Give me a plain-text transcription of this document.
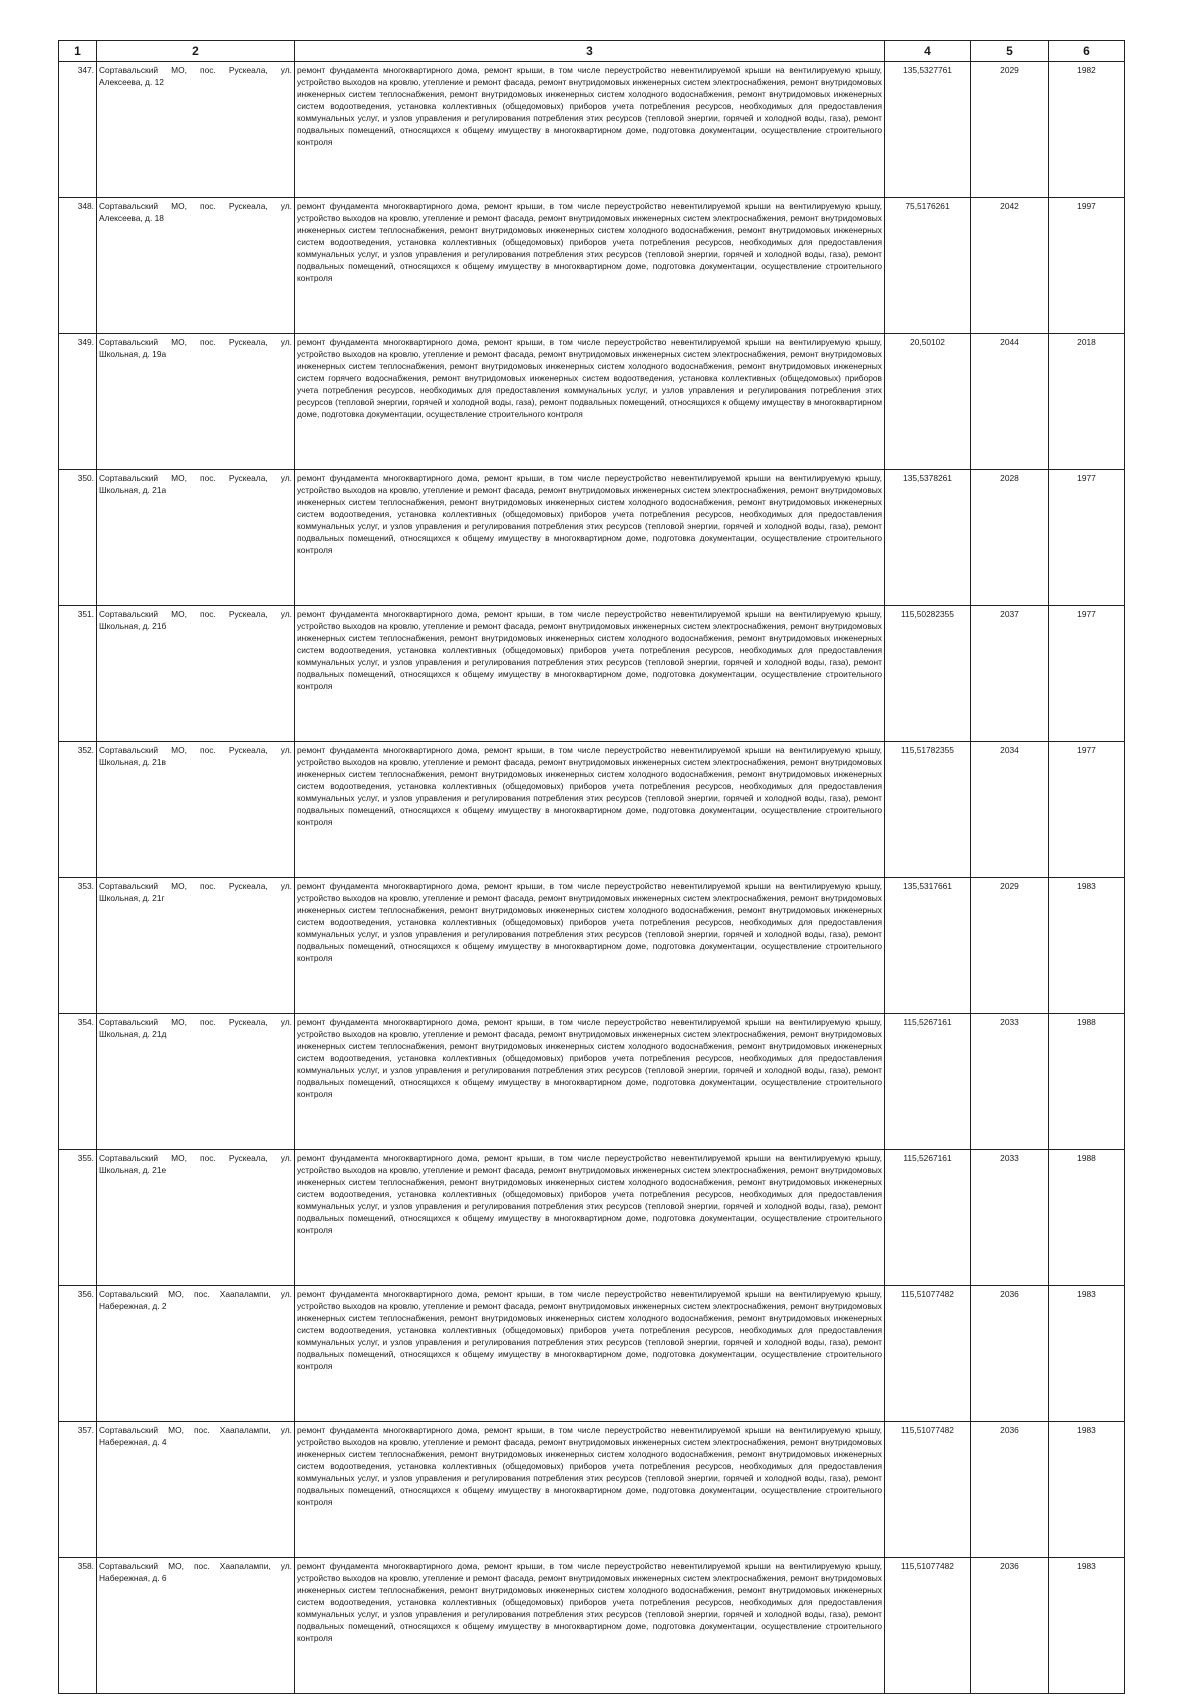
1	2	3	4	5	6
347.	Сортавальский МО, пос. Рускеала, ул. Алексеева, д. 12	ремонт фундамента многоквартирного дома, ремонт крыши, в том числе переустройство невентилируемой крыши на вентилируемую крышу, устройство выходов на кровлю, утепление и ремонт фасада, ремонт внутридомовых инженерных систем электроснабжения, ремонт внутридомовых инженерных систем теплоснабжения, ремонт внутридомовых инженерных систем холодного водоснабжения, ремонт внутридомовых инженерных систем водоотведения, установка коллективных (общедомовых) приборов учета потребления ресурсов, необходимых для предоставления коммунальных услуг, и узлов управления и регулирования потребления этих ресурсов (тепловой энергии, горячей и холодной воды, газа), ремонт подвальных помещений, относящихся к общему имуществу в многоквартирном доме, подготовка документации, осуществление строительного контроля	135,5327761	2029	1982
348.	Сортавальский МО, пос. Рускеала, ул. Алексеева, д. 18	ремонт фундамента многоквартирного дома, ремонт крыши, в том числе переустройство невентилируемой крыши на вентилируемую крышу, устройство выходов на кровлю, утепление и ремонт фасада, ремонт внутридомовых инженерных систем электроснабжения, ремонт внутридомовых инженерных систем теплоснабжения, ремонт внутридомовых инженерных систем холодного водоснабжения, ремонт внутридомовых инженерных систем водоотведения, установка коллективных (общедомовых) приборов учета потребления ресурсов, необходимых для предоставления коммунальных услуг, и узлов управления и регулирования потребления этих ресурсов (тепловой энергии, горячей и холодной воды, газа), ремонт подвальных помещений, относящихся к общему имуществу в многоквартирном доме, подготовка документации, осуществление строительного контроля	75,5176261	2042	1997
349.	Сортавальский МО, пос. Рускеала, ул. Школьная, д. 19а	ремонт фундамента многоквартирного дома, ремонт крыши, в том числе переустройство невентилируемой крыши на вентилируемую крышу, устройство выходов на кровлю, утепление и ремонт фасада, ремонт внутридомовых инженерных систем электроснабжения, ремонт внутридомовых инженерных систем теплоснабжения, ремонт внутридомовых инженерных систем холодного водоснабжения, ремонт внутридомовых инженерных систем горячего водоснабжения, ремонт внутридомовых инженерных систем водоотведения, установка коллективных (общедомовых) приборов учета потребления ресурсов, необходимых для предоставления коммунальных услуг, и узлов управления и регулирования потребления этих ресурсов (тепловой энергии, горячей и холодной воды, газа), ремонт подвальных помещений, относящихся к общему имуществу в многоквартирном доме, подготовка документации, осуществление строительного контроля	20,50102	2044	2018
350.	Сортавальский МО, пос. Рускеала, ул. Школьная, д. 21а	ремонт фундамента многоквартирного дома, ремонт крыши, в том числе переустройство невентилируемой крыши на вентилируемую крышу, устройство выходов на кровлю, утепление и ремонт фасада, ремонт внутридомовых инженерных систем электроснабжения, ремонт внутридомовых инженерных систем теплоснабжения, ремонт внутридомовых инженерных систем холодного водоснабжения, ремонт внутридомовых инженерных систем водоотведения, установка коллективных (общедомовых) приборов учета потребления ресурсов, необходимых для предоставления коммунальных услуг, и узлов управления и регулирования потребления этих ресурсов (тепловой энергии, горячей и холодной воды, газа), ремонт подвальных помещений, относящихся к общему имуществу в многоквартирном доме, подготовка документации, осуществление строительного контроля	135,5378261	2028	1977
351.	Сортавальский МО, пос. Рускеала, ул. Школьная, д. 21б	ремонт фундамента многоквартирного дома, ремонт крыши, в том числе переустройство невентилируемой крыши на вентилируемую крышу, устройство выходов на кровлю, утепление и ремонт фасада, ремонт внутридомовых инженерных систем электроснабжения, ремонт внутридомовых инженерных систем теплоснабжения, ремонт внутридомовых инженерных систем холодного водоснабжения, ремонт внутридомовых инженерных систем водоотведения, установка коллективных (общедомовых) приборов учета потребления ресурсов, необходимых для предоставления коммунальных услуг, и узлов управления и регулирования потребления этих ресурсов (тепловой энергии, горячей и холодной воды, газа), ремонт подвальных помещений, относящихся к общему имуществу в многоквартирном доме, подготовка документации, осуществление строительного контроля	115,50282355	2037	1977
352.	Сортавальский МО, пос. Рускеала, ул. Школьная, д. 21в	ремонт фундамента многоквартирного дома, ремонт крыши, в том числе переустройство невентилируемой крыши на вентилируемую крышу, устройство выходов на кровлю, утепление и ремонт фасада, ремонт внутридомовых инженерных систем электроснабжения, ремонт внутридомовых инженерных систем теплоснабжения, ремонт внутридомовых инженерных систем холодного водоснабжения, ремонт внутридомовых инженерных систем водоотведения, установка коллективных (общедомовых) приборов учета потребления ресурсов, необходимых для предоставления коммунальных услуг, и узлов управления и регулирования потребления этих ресурсов (тепловой энергии, горячей и холодной воды, газа), ремонт подвальных помещений, относящихся к общему имуществу в многоквартирном доме, подготовка документации, осуществление строительного контроля	115,51782355	2034	1977
353.	Сортавальский МО, пос. Рускеала, ул. Школьная, д. 21г	ремонт фундамента многоквартирного дома, ремонт крыши, в том числе переустройство невентилируемой крыши на вентилируемую крышу, устройство выходов на кровлю, утепление и ремонт фасада, ремонт внутридомовых инженерных систем электроснабжения, ремонт внутридомовых инженерных систем теплоснабжения, ремонт внутридомовых инженерных систем холодного водоснабжения, ремонт внутридомовых инженерных систем водоотведения, установка коллективных (общедомовых) приборов учета потребления ресурсов, необходимых для предоставления коммунальных услуг, и узлов управления и регулирования потребления этих ресурсов (тепловой энергии, горячей и холодной воды, газа), ремонт подвальных помещений, относящихся к общему имуществу в многоквартирном доме, подготовка документации, осуществление строительного контроля	135,5317661	2029	1983
354.	Сортавальский МО, пос. Рускеала, ул. Школьная, д. 21д	ремонт фундамента многоквартирного дома, ремонт крыши, в том числе переустройство невентилируемой крыши на вентилируемую крышу, устройство выходов на кровлю, утепление и ремонт фасада, ремонт внутридомовых инженерных систем электроснабжения, ремонт внутридомовых инженерных систем теплоснабжения, ремонт внутридомовых инженерных систем холодного водоснабжения, ремонт внутридомовых инженерных систем водоотведения, установка коллективных (общедомовых) приборов учета потребления ресурсов, необходимых для предоставления коммунальных услуг, и узлов управления и регулирования потребления этих ресурсов (тепловой энергии, горячей и холодной воды, газа), ремонт подвальных помещений, относящихся к общему имуществу в многоквартирном доме, подготовка документации, осуществление строительного контроля	115,5267161	2033	1988
355.	Сортавальский МО, пос. Рускеала, ул. Школьная, д. 21е	ремонт фундамента многоквартирного дома, ремонт крыши, в том числе переустройство невентилируемой крыши на вентилируемую крышу, устройство выходов на кровлю, утепление и ремонт фасада, ремонт внутридомовых инженерных систем электроснабжения, ремонт внутридомовых инженерных систем теплоснабжения, ремонт внутридомовых инженерных систем холодного водоснабжения, ремонт внутридомовых инженерных систем водоотведения, установка коллективных (общедомовых) приборов учета потребления ресурсов, необходимых для предоставления коммунальных услуг, и узлов управления и регулирования потребления этих ресурсов (тепловой энергии, горячей и холодной воды, газа), ремонт подвальных помещений, относящихся к общему имуществу в многоквартирном доме, подготовка документации, осуществление строительного контроля	115,5267161	2033	1988
356.	Сортавальский МО, пос. Хаапалампи, ул. Набережная, д. 2	ремонт фундамента многоквартирного дома, ремонт крыши, в том числе переустройство невентилируемой крыши на вентилируемую крышу, устройство выходов на кровлю, утепление и ремонт фасада, ремонт внутридомовых инженерных систем электроснабжения, ремонт внутридомовых инженерных систем теплоснабжения, ремонт внутридомовых инженерных систем холодного водоснабжения, ремонт внутридомовых инженерных систем водоотведения, установка коллективных (общедомовых) приборов учета потребления ресурсов, необходимых для предоставления коммунальных услуг, и узлов управления и регулирования потребления этих ресурсов (тепловой энергии, горячей и холодной воды, газа), ремонт подвальных помещений, относящихся к общему имуществу в многоквартирном доме, подготовка документации, осуществление строительного контроля	115,51077482	2036	1983
357.	Сортавальский МО, пос. Хаапалампи, ул. Набережная, д. 4	ремонт фундамента многоквартирного дома, ремонт крыши, в том числе переустройство невентилируемой крыши на вентилируемую крышу, устройство выходов на кровлю, утепление и ремонт фасада, ремонт внутридомовых инженерных систем электроснабжения, ремонт внутридомовых инженерных систем теплоснабжения, ремонт внутридомовых инженерных систем холодного водоснабжения, ремонт внутридомовых инженерных систем водоотведения, установка коллективных (общедомовых) приборов учета потребления ресурсов, необходимых для предоставления коммунальных услуг, и узлов управления и регулирования потребления этих ресурсов (тепловой энергии, горячей и холодной воды, газа), ремонт подвальных помещений, относящихся к общему имуществу в многоквартирном доме, подготовка документации, осуществление строительного контроля	115,51077482	2036	1983
358.	Сортавальский МО, пос. Хаапалампи, ул. Набережная, д. 6	ремонт фундамента многоквартирного дома, ремонт крыши, в том числе переустройство невентилируемой крыши на вентилируемую крышу, устройство выходов на кровлю, утепление и ремонт фасада, ремонт внутридомовых инженерных систем электроснабжения, ремонт внутридомовых инженерных систем теплоснабжения, ремонт внутридомовых инженерных систем холодного водоснабжения, ремонт внутридомовых инженерных систем водоотведения, установка коллективных (общедомовых) приборов учета потребления ресурсов, необходимых для предоставления коммунальных услуг, и узлов управления и регулирования потребления этих ресурсов (тепловой энергии, горячей и холодной воды, газа), ремонт подвальных помещений, относящихся к общему имуществу в многоквартирном доме, подготовка документации, осуществление строительного контроля	115,51077482	2036	1983
